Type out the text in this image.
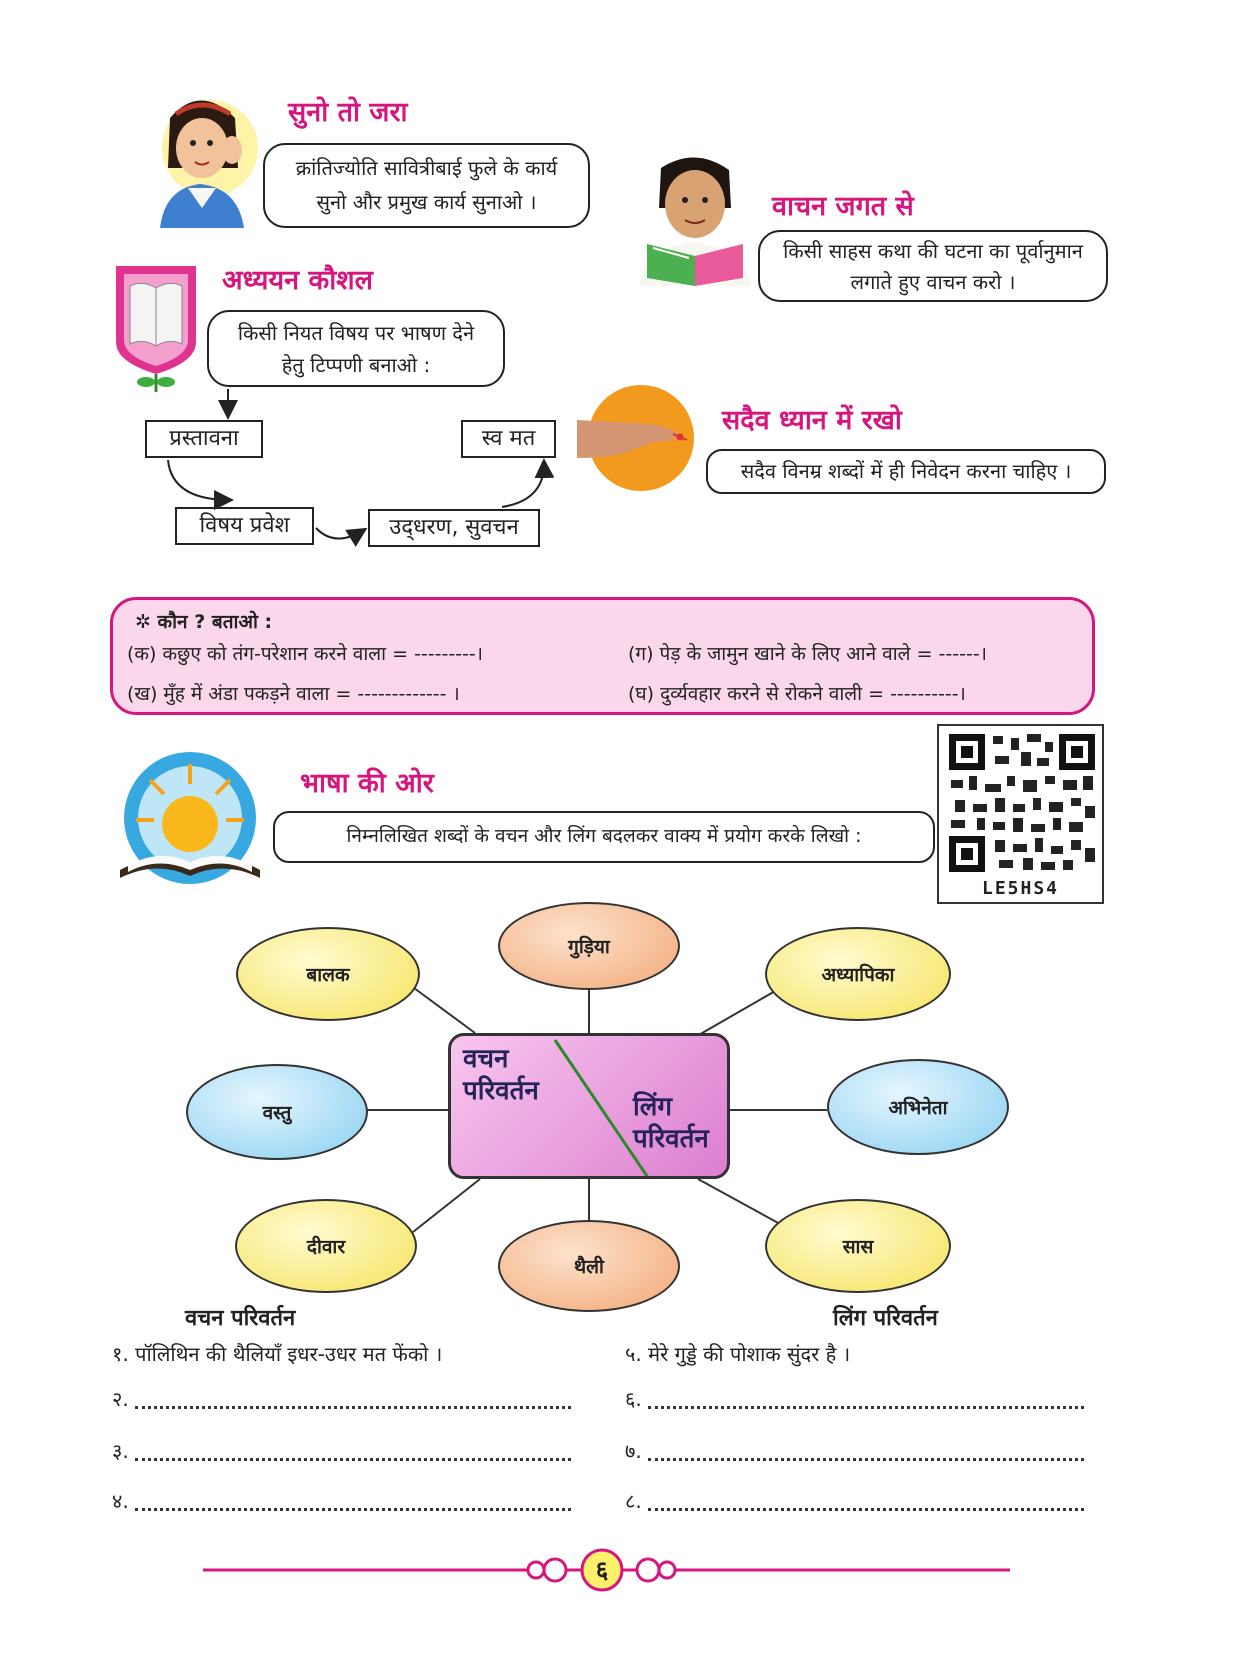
सुनो तो जरा
क्रांतिज्योति सावित्रीबाई फुले के कार्य
सुनो और प्रमुख कार्य सुनाओ ।	वाचन जगत से
किसी साहस कथा की घटना का पूर्वानुमान
लगाते हुए वाचन करो ।
अध्ययन कौशल
किसी नियत विषय पर भाषण देने
हेतु टिप्पणी बनाओ :
प्रस्तावना
विषय प्रवेश	उद्‌धरण, सुवचन
स्व मत
सदैव ध्यान में रखो
सदैव विनम्र शब्दों में ही निवेदन करना चाहिए ।
✲ कौन ? बताओ :
(क) कछुए को तंग-परेशान करने वाला = ---------।	(ग) पेड़ के जामुन खाने के लिए आने वाले = ------।
(ख) मुँह में अंडा पकड़ने वाला = ------------- ।	(घ) दुर्व्यवहार करने से रोकने वाली = ----------।
भाषा की ओर
निम्नलिखित शब्दों के वचन और लिंग बदलकर वाक्य में प्रयोग करके लिखो :
LE5HS4
गुड़िया
बालक	अध्यापिका
वस्तु	अभिनेता
दीवार
थैली
सास
वचन
परिवर्तन
लिंग
परिवर्तन
वचन परिवर्तन	लिंग परिवर्तन
१. पॉलिथिन की थैलियाँ इधर-उधर मत फेंको ।
२.
३.
४.
५. मेरे गुड्डे की पोशाक सुंदर है ।
६.
७.
८.
६
